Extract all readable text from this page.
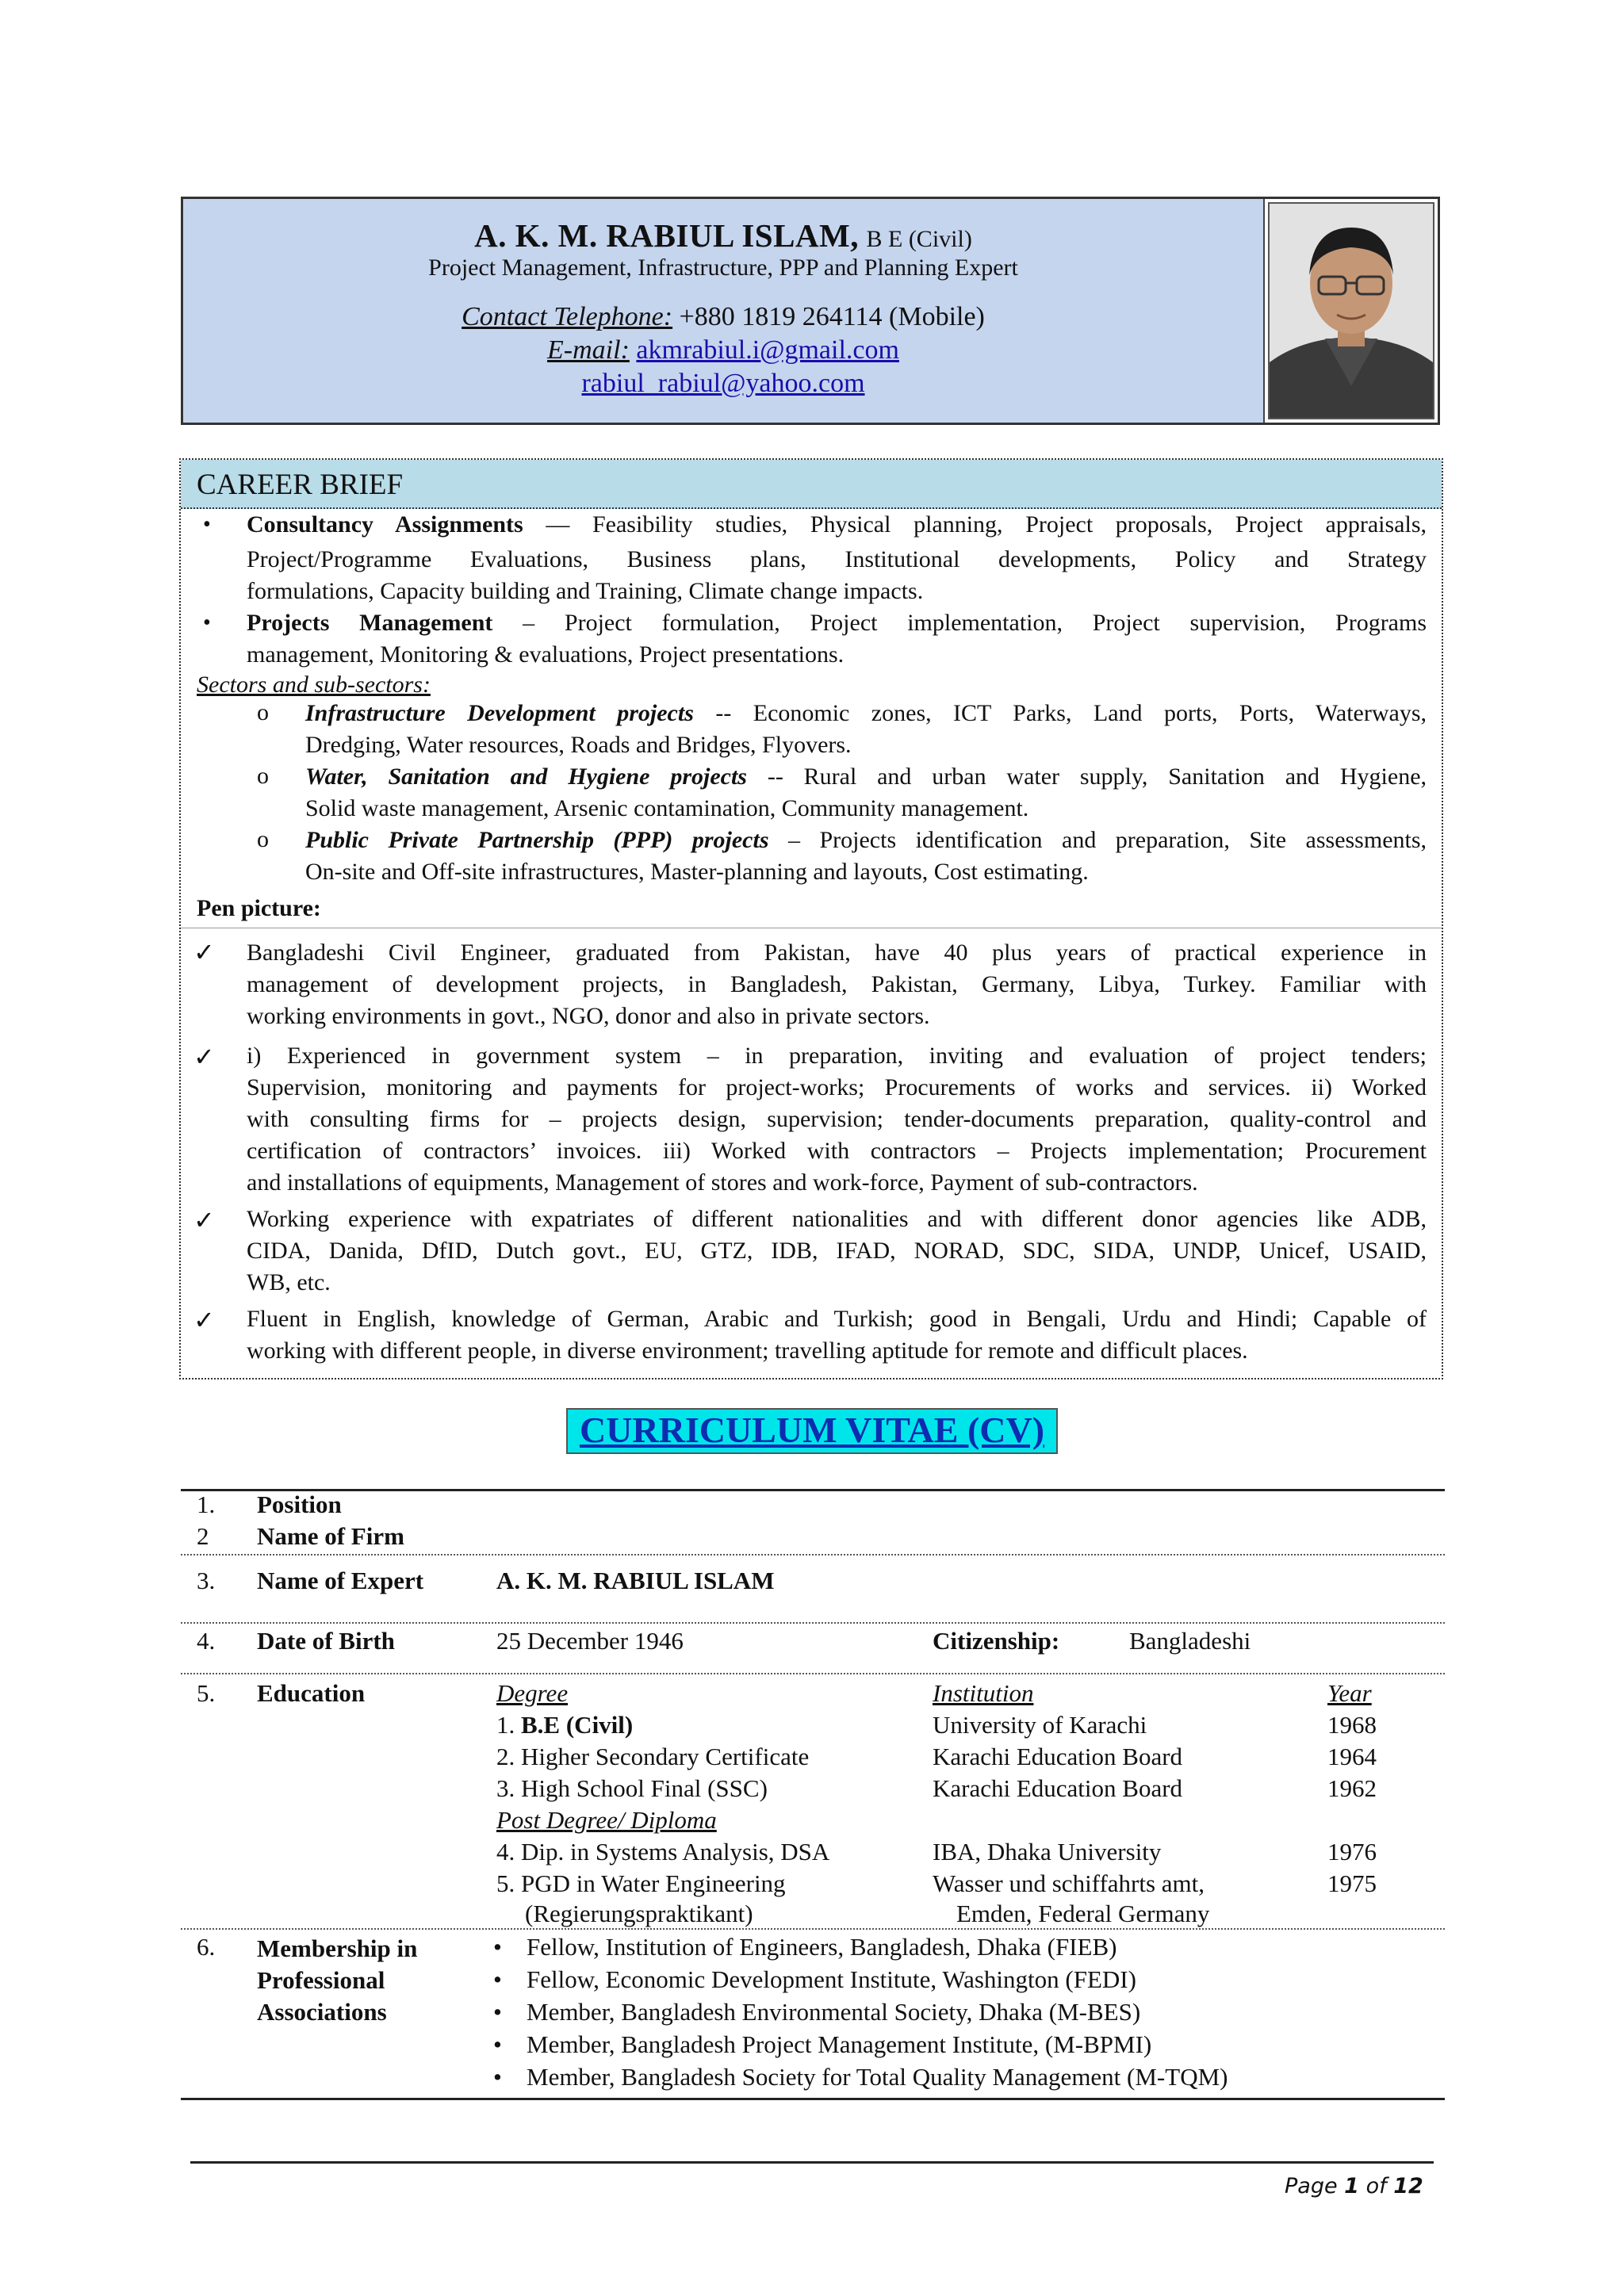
A. K. M. RABIUL ISLAM, B E (Civil)
Project Management, Infrastructure, PPP and Planning Expert
Contact Telephone: +880 1819 264114 (Mobile)
E-mail: akmrabiul.i@gmail.com
rabiul_rabiul@yahoo.com
CAREER BRIEF
• Consultancy Assignments — Feasibility studies, Physical planning, Project proposals, Project appraisals,
Project/Programme Evaluations, Business plans, Institutional developments, Policy and Strategy
formulations, Capacity building and Training, Climate change impacts.
• Projects Management – Project formulation, Project implementation, Project supervision, Programs
management, Monitoring & evaluations, Project presentations.
Sectors and sub-sectors:
o Infrastructure Development projects -- Economic zones, ICT Parks, Land ports, Ports, Waterways,
Dredging, Water resources, Roads and Bridges, Flyovers.
o Water, Sanitation and Hygiene projects -- Rural and urban water supply, Sanitation and Hygiene,
Solid waste management, Arsenic contamination, Community management.
o Public Private Partnership (PPP) projects – Projects identification and preparation, Site assessments,
On-site and Off-site infrastructures, Master-planning and layouts, Cost estimating.
Pen picture:
✓ Bangladeshi Civil Engineer, graduated from Pakistan, have 40 plus years of practical experience in
management of development projects, in Bangladesh, Pakistan, Germany, Libya, Turkey. Familiar with
working environments in govt., NGO, donor and also in private sectors.
✓ i) Experienced in government system – in preparation, inviting and evaluation of project tenders;
Supervision, monitoring and payments for project-works; Procurements of works and services. ii) Worked
with consulting firms for – projects design, supervision; tender-documents preparation, quality-control and
certification of contractors’ invoices. iii) Worked with contractors – Projects implementation; Procurement
and installations of equipments, Management of stores and work-force, Payment of sub-contractors.
✓ Working experience with expatriates of different nationalities and with different donor agencies like ADB,
CIDA, Danida, DfID, Dutch govt., EU, GTZ, IDB, IFAD, NORAD, SDC, SIDA, UNDP, Unicef, USAID,
WB, etc.
✓ Fluent in English, knowledge of German, Arabic and Turkish; good in Bengali, Urdu and Hindi; Capable of
working with different people, in diverse environment; travelling aptitude for remote and difficult places.
CURRICULUM VITAE (CV)
1. Position
2 Name of Firm
3. Name of Expert	A. K. M. RABIUL ISLAM
4. Date of Birth	25 December 1946	Citizenship:	Bangladeshi
5. Education	Degree	Institution	Year
1. B.E (Civil)	University of Karachi	1968
2. Higher Secondary Certificate	Karachi Education Board	1964
3. High School Final (SSC)	Karachi Education Board	1962
Post Degree/ Diploma
4. Dip. in Systems Analysis, DSA	IBA, Dhaka University	1976
5. PGD in Water Engineering	Wasser und schiffahrts amt,	1975
(Regierungspraktikant)	Emden, Federal Germany
6. Membership in
Professional
Associations
• Fellow, Institution of Engineers, Bangladesh, Dhaka (FIEB)
• Fellow, Economic Development Institute, Washington (FEDI)
• Member, Bangladesh Environmental Society, Dhaka (M-BES)
• Member, Bangladesh Project Management Institute, (M-BPMI)
• Member, Bangladesh Society for Total Quality Management (M-TQM)
Page 1 of 12
